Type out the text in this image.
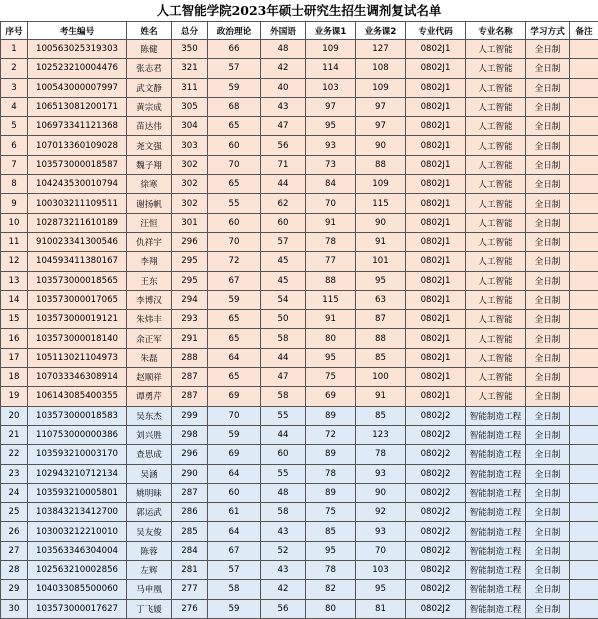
人工智能学院2023年硕士研究生招生调剂复试名单
序号	考生编号	姓名	总分	政治理论	外国语	业务课1	业务课2	专业代码	专业名称	学习方式	备注
1	100563025319303	陈健	350	66	48	109	127	0802J1	人工智能	全日制	
2	102523210004476	张志君	321	57	42	114	108	0802J1	人工智能	全日制	
3	100543000007997	武文静	311	59	40	103	109	0802J1	人工智能	全日制	
4	106513081200171	黄宗成	305	68	43	97	97	0802J1	人工智能	全日制	
5	106973341121368	苗达伟	304	65	47	95	97	0802J1	人工智能	全日制	
6	107013360109028	尧文强	303	60	56	93	90	0802J1	人工智能	全日制	
7	103573000018587	魏子翔	302	70	71	73	88	0802J1	人工智能	全日制	
8	104243530010794	徐寒	302	65	44	84	109	0802J1	人工智能	全日制	
9	100303211109511	谢扬帆	302	55	62	70	115	0802J1	人工智能	全日制	
10	102873211610189	汪恒	301	60	60	91	90	0802J1	人工智能	全日制	
11	910023341300546	仇祥宇	296	70	57	78	91	0802J1	人工智能	全日制	
12	104593411380167	李翔	295	72	45	77	101	0802J1	人工智能	全日制	
13	103573000018565	王东	295	67	45	88	95	0802J1	人工智能	全日制	
14	103573000017065	李博汉	294	59	54	115	63	0802J1	人工智能	全日制	
15	103573000019121	朱炜丰	293	65	50	91	87	0802J1	人工智能	全日制	
16	103573000018140	余正军	291	65	58	80	88	0802J1	人工智能	全日制	
17	105113021104973	朱磊	288	64	44	95	85	0802J1	人工智能	全日制	
18	107033346308914	赵顺祥	287	65	47	75	100	0802J1	人工智能	全日制	
19	106143085400355	谭勇芹	287	69	58	69	91	0802J1	人工智能	全日制	
20	103573000018583	吴东杰	299	70	55	89	85	0802J2	智能制造工程	全日制	
21	110753000000386	刘兴胜	298	59	44	72	123	0802J2	智能制造工程	全日制	
22	103593210003170	查思成	296	69	60	89	78	0802J2	智能制造工程	全日制	
23	102943210712134	吴涵	290	64	55	78	93	0802J2	智能制造工程	全日制	
24	103593210005801	姚明昧	287	60	48	89	90	0802J2	智能制造工程	全日制	
25	103843213412700	郭运武	286	61	58	75	92	0802J2	智能制造工程	全日制	
26	103003212210010	吴友俊	285	64	43	85	93	0802J2	智能制造工程	全日制	
27	103563346304004	陈蓉	284	67	52	95	70	0802J2	智能制造工程	全日制	
28	102563210002856	左辉	281	57	43	78	103	0802J2	智能制造工程	全日制	
29	104033085500060	马申凰	277	58	42	82	95	0802J2	智能制造工程	全日制	
30	103573000017627	丁飞媛	276	59	56	80	81	0802J2	智能制造工程	全日制	
